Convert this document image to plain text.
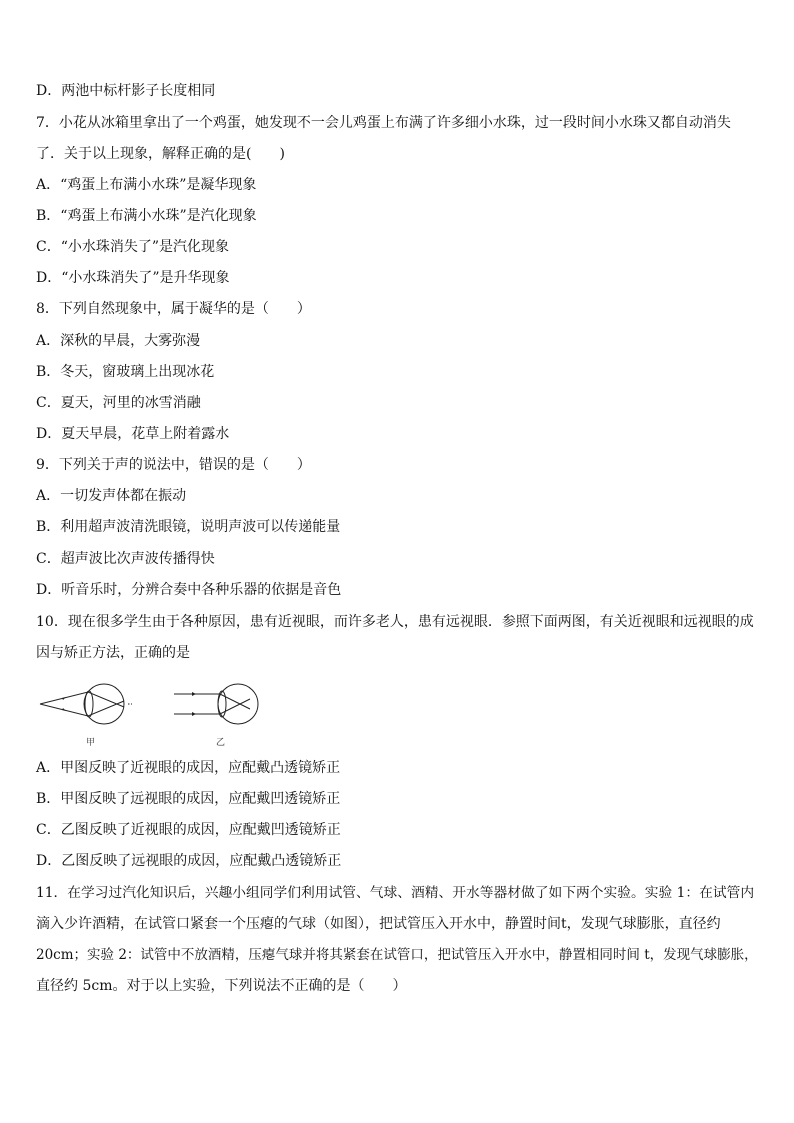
D．两池中标杆影子长度相同
7．小花从冰箱里拿出了一个鸡蛋，她发现不一会儿鸡蛋上布满了许多细小水珠，过一段时间小水珠又都自动消失
了．关于以上现象，解释正确的是(　　)
A．“鸡蛋上布满小水珠”是凝华现象
B．“鸡蛋上布满小水珠”是汽化现象
C．“小水珠消失了”是汽化现象
D．“小水珠消失了”是升华现象
8．下列自然现象中，属于凝华的是（　　）
A．深秋的早晨，大雾弥漫
B．冬天，窗玻璃上出现冰花
C．夏天，河里的冰雪消融
D．夏天早晨，花草上附着露水
9．下列关于声的说法中，错误的是（　　）
A．一切发声体都在振动
B．利用超声波清洗眼镜，说明声波可以传递能量
C．超声波比次声波传播得快
D．听音乐时，分辨合奏中各种乐器的依据是音色
10．现在很多学生由于各种原因，患有近视眼，而许多老人，患有远视眼．参照下面两图，有关近视眼和远视眼的成
因与矫正方法，正确的是
甲	乙
A．甲图反映了近视眼的成因，应配戴凸透镜矫正
B．甲图反映了远视眼的成因，应配戴凹透镜矫正
C．乙图反映了近视眼的成因，应配戴凹透镜矫正
D．乙图反映了远视眼的成因，应配戴凸透镜矫正
11．在学习过汽化知识后，兴趣小组同学们利用试管、气球、酒精、开水等器材做了如下两个实验。实验 1：在试管内
滴入少许酒精，在试管口紧套一个压瘪的气球（如图），把试管压入开水中，静置时间t，发现气球膨胀，直径约
20cm；实验 2：试管中不放酒精，压瘪气球并将其紧套在试管口，把试管压入开水中，静置相同时间 t，发现气球膨胀，
直径约 5cm。对于以上实验，下列说法不正确的是（　　）
